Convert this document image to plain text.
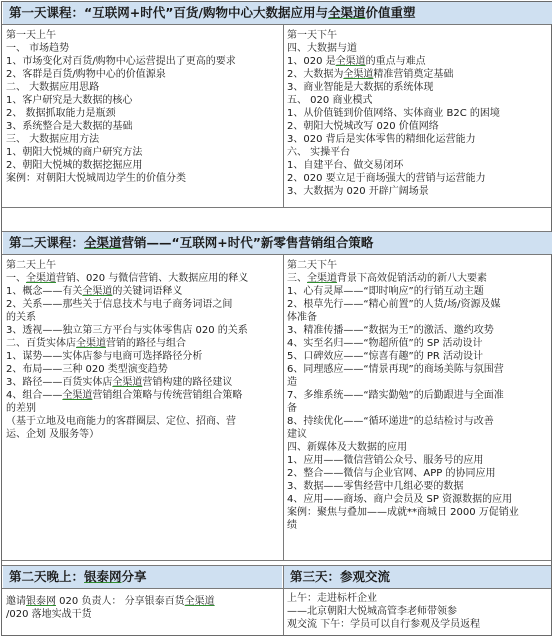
第一天课程：“互联网+时代”百货/购物中心大数据应用与全渠道价值重塑
第一天上午
一、 市场趋势
1、市场变化对百货/购物中心运营提出了更高的要求
2、客群是百货/购物中心的价值源泉
二、 大数据应用思路
1、客户研究是大数据的核心
2、 数据抓取能力是瓶颈
3、系统整合是大数据的基础
三、 大数据应用方法
1、朝阳大悦城的商户研究方法
2、朝阳大悦城的数据挖掘应用
案例：对朝阳大悦城周边学生的价值分类
第一天下午
四、大数据与道
1、020 是全渠道的重点与难点
2、大数据为全渠道精准营销奠定基础
3、商业智能是大数据的系统体现
五、 020 商业模式
1、从价值链到价值网络、实体商业 B2C 的困境
2、朝阳大悦城改写 020 价值网络
3、020 背后是实体零售的精细化运营能力
六、 实操平台
1、自建平台、做交易闭环
2、020 要立足于商场强大的营销与运营能力
3、大数据为 020 开辟广阔场景
第二天课程：全渠道营销——“互联网+时代”新零售营销组合策略
第二天上午
一、全渠道营销、020 与微信营销、大数据应用的释义
1、概念——有关全渠道的关键词语释义
2、关系——那些关于信息技术与电子商务词语之间
的关系
3、透视——独立第三方平台与实体零售店 020 的关系
二、百货实体店全渠道营销的路径与组合
1、谋势——实体店参与电商可选择路径分析
2、布局——三种 020 类型演变趋势
3、路径——百货实体店全渠道营销构建的路径建议
4、组合——全渠道营销组合策略与传统营销组合策略
的差别
（基于立地及电商能力的客群圈层、定位、招商、营
运、企划 及服务等）
第二天下午
三、全渠道背景下高效促销活动的新八大要素
1、心有灵犀——“即时响应”的行销互动主题
2、根草先行——“精心前置”的人货/场/资源及媒
体准备
3、精准传播——“数据为王”的激活、邀约攻势
4、实至名归——“物超所值”的 SP 活动设计
5、口碑效应——“惊喜有趣”的 PR 活动设计
6、同理感应——“情景再现”的商场美陈与氛围营
造
7、多维系统——“踏实勤勉”的后勤跟进与全面准
备
8、持续优化——“循环递进”的总结检讨与改善
建议
四、新媒体及大数据的应用
1、应用——微信营销公众号、服务号的应用
2、整合——微信与企业官网、APP 的协同应用
3、数据——零售经营中几组必要的数据
4、应用——商场、商户会员及 SP 资源数据的应用
案例：聚焦与叠加——成就**商城日 2000 万促销业
绩
第二天晚上：银泰网分享	第三天：参观交流
邀请银泰网 020 负责人： 分享银泰百货全渠道
/020 落地实战干货
上午：走进标杆企业
——北京朝阳大悦城高管李老师带领参
观交流 下午：学员可以自行参观及学员返程
